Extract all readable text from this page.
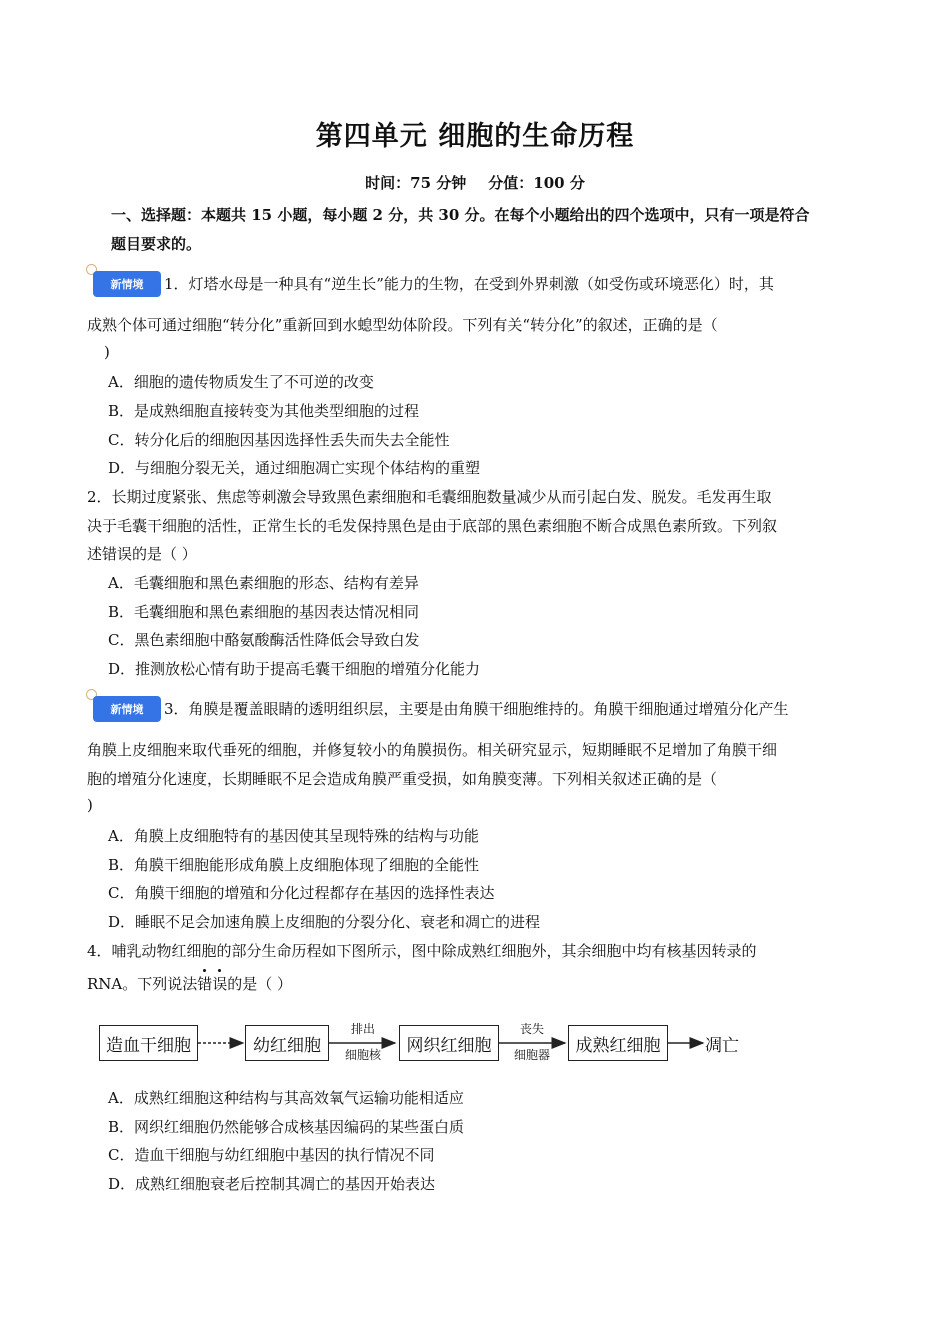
第四单元 细胞的生命历程
时间：75 分钟 分值：100 分
一、选择题：本题共 15 小题，每小题 2 分，共 30 分。在每个小题给出的四个选项中，只有一项是符合
题目要求的。
新情境	1．灯塔水母是一种具有“逆生长”能力的生物，在受到外界刺激（如受伤或环境恶化）时，其
成熟个体可通过细胞“转分化”重新回到水螅型幼体阶段。下列有关“转分化”的叙述，正确的是（
)
A．细胞的遗传物质发生了不可逆的改变
B．是成熟细胞直接转变为其他类型细胞的过程
C．转分化后的细胞因基因选择性丢失而失去全能性
D．与细胞分裂无关，通过细胞凋亡实现个体结构的重塑
2．长期过度紧张、焦虑等刺激会导致黑色素细胞和毛囊细胞数量减少从而引起白发、脱发。毛发再生取
决于毛囊干细胞的活性，正常生长的毛发保持黑色是由于底部的黑色素细胞不断合成黑色素所致。下列叙
述错误的是（ ）
A．毛囊细胞和黑色素细胞的形态、结构有差异
B．毛囊细胞和黑色素细胞的基因表达情况相同
C．黑色素细胞中酪氨酸酶活性降低会导致白发
D．推测放松心情有助于提高毛囊干细胞的增殖分化能力
新情境	3．角膜是覆盖眼睛的透明组织层，主要是由角膜干细胞维持的。角膜干细胞通过增殖分化产生
角膜上皮细胞来取代垂死的细胞，并修复较小的角膜损伤。相关研究显示，短期睡眠不足增加了角膜干细
胞的增殖分化速度，长期睡眠不足会造成角膜严重受损，如角膜变薄。下列相关叙述正确的是（
)
A．角膜上皮细胞特有的基因使其呈现特殊的结构与功能
B．角膜干细胞能形成角膜上皮细胞体现了细胞的全能性
C．角膜干细胞的增殖和分化过程都存在基因的选择性表达
D．睡眠不足会加速角膜上皮细胞的分裂分化、衰老和凋亡的进程
4．哺乳动物红细胞的部分生命历程如下图所示，图中除成熟红细胞外，其余细胞中均有核基因转录的
RNA。下列说法错误的是（ ）
造血干细胞	幼红细胞	网织红细胞	成熟红细胞	凋亡
排出
细胞核
丧失
细胞器
A．成熟红细胞这种结构与其高效氧气运输功能相适应
B．网织红细胞仍然能够合成核基因编码的某些蛋白质
C．造血干细胞与幼红细胞中基因的执行情况不同
D．成熟红细胞衰老后控制其凋亡的基因开始表达
